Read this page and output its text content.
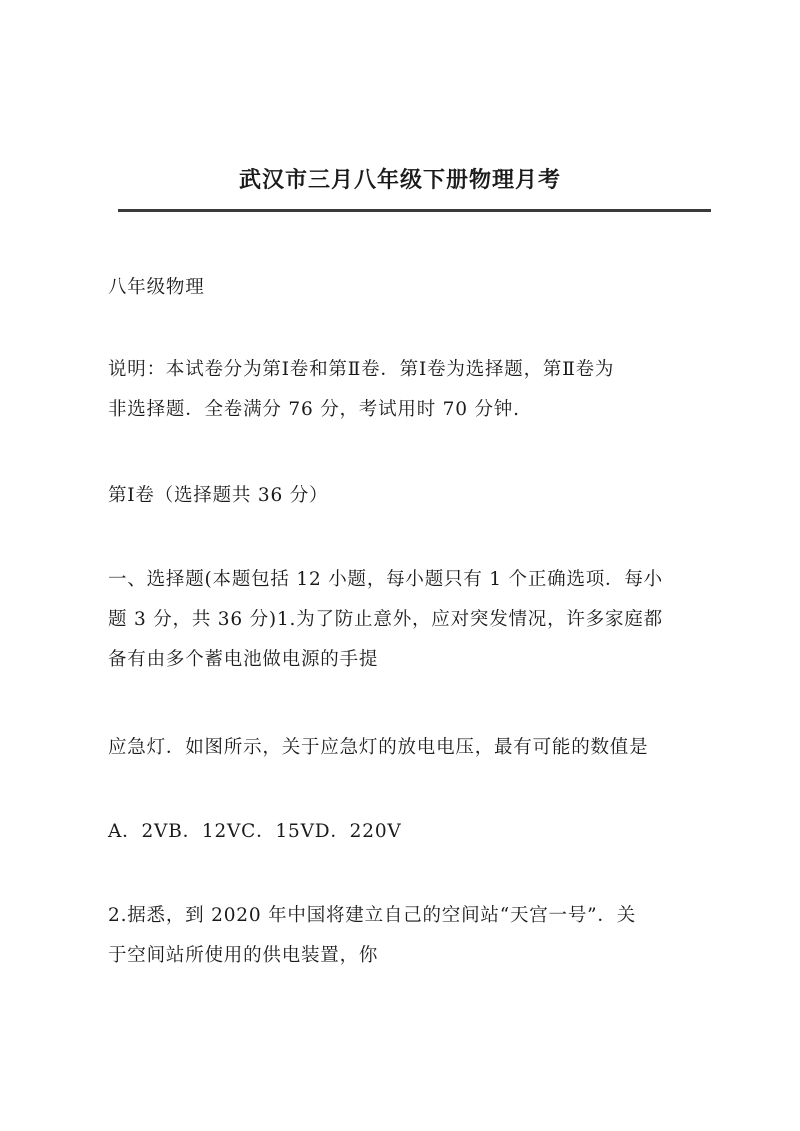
武汉市三月八年级下册物理月考

八年级物理

说明：本试卷分为第Ⅰ卷和第Ⅱ卷．第Ⅰ卷为选择题，第Ⅱ卷为
非选择题．全卷满分 76 分，考试用时 70 分钟.

第Ⅰ卷（选择题共 36 分）

一、选择题(本题包括 12 小题，每小题只有 1 个正确选项．每小
题 3 分，共 36 分)1.为了防止意外，应对突发情况，许多家庭都
备有由多个蓄电池做电源的手提

应急灯．如图所示，关于应急灯的放电电压，最有可能的数值是

A．2VB．12VC．15VD．220V

2.据悉，到 2020 年中国将建立自己的空间站“天宫一号”．关
于空间站所使用的供电装置，你
